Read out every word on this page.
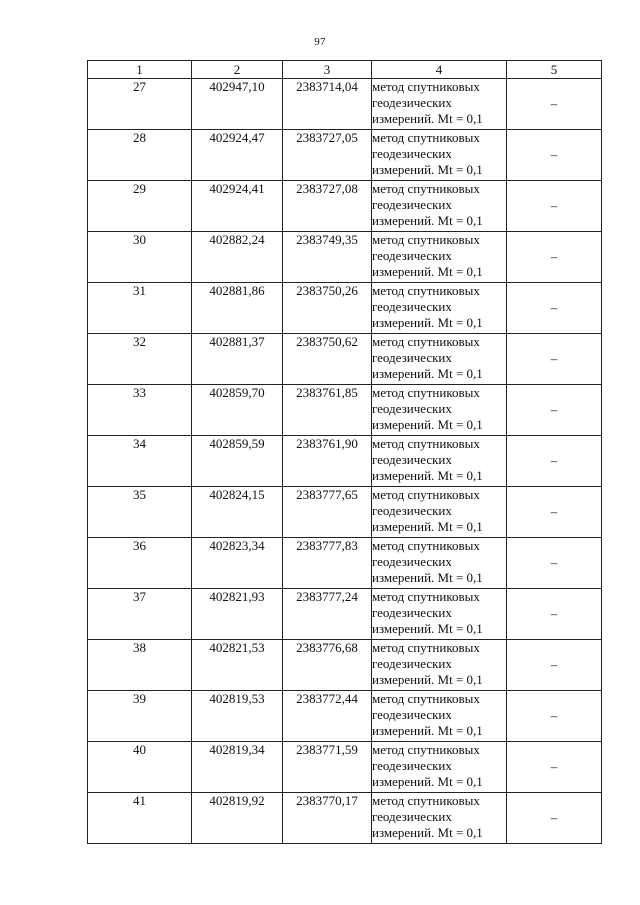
97
1	2	3	4	5
27	402947,10	2383714,04	метод спутниковых
геодезических
измерений. Mt = 0,1	–
28	402924,47	2383727,05	метод спутниковых
геодезических
измерений. Mt = 0,1	–
29	402924,41	2383727,08	метод спутниковых
геодезических
измерений. Mt = 0,1	–
30	402882,24	2383749,35	метод спутниковых
геодезических
измерений. Mt = 0,1	–
31	402881,86	2383750,26	метод спутниковых
геодезических
измерений. Mt = 0,1	–
32	402881,37	2383750,62	метод спутниковых
геодезических
измерений. Mt = 0,1	–
33	402859,70	2383761,85	метод спутниковых
геодезических
измерений. Mt = 0,1	–
34	402859,59	2383761,90	метод спутниковых
геодезических
измерений. Mt = 0,1	–
35	402824,15	2383777,65	метод спутниковых
геодезических
измерений. Mt = 0,1	–
36	402823,34	2383777,83	метод спутниковых
геодезических
измерений. Mt = 0,1	–
37	402821,93	2383777,24	метод спутниковых
геодезических
измерений. Mt = 0,1	–
38	402821,53	2383776,68	метод спутниковых
геодезических
измерений. Mt = 0,1	–
39	402819,53	2383772,44	метод спутниковых
геодезических
измерений. Mt = 0,1	–
40	402819,34	2383771,59	метод спутниковых
геодезических
измерений. Mt = 0,1	–
41	402819,92	2383770,17	метод спутниковых
геодезических
измерений. Mt = 0,1	–
